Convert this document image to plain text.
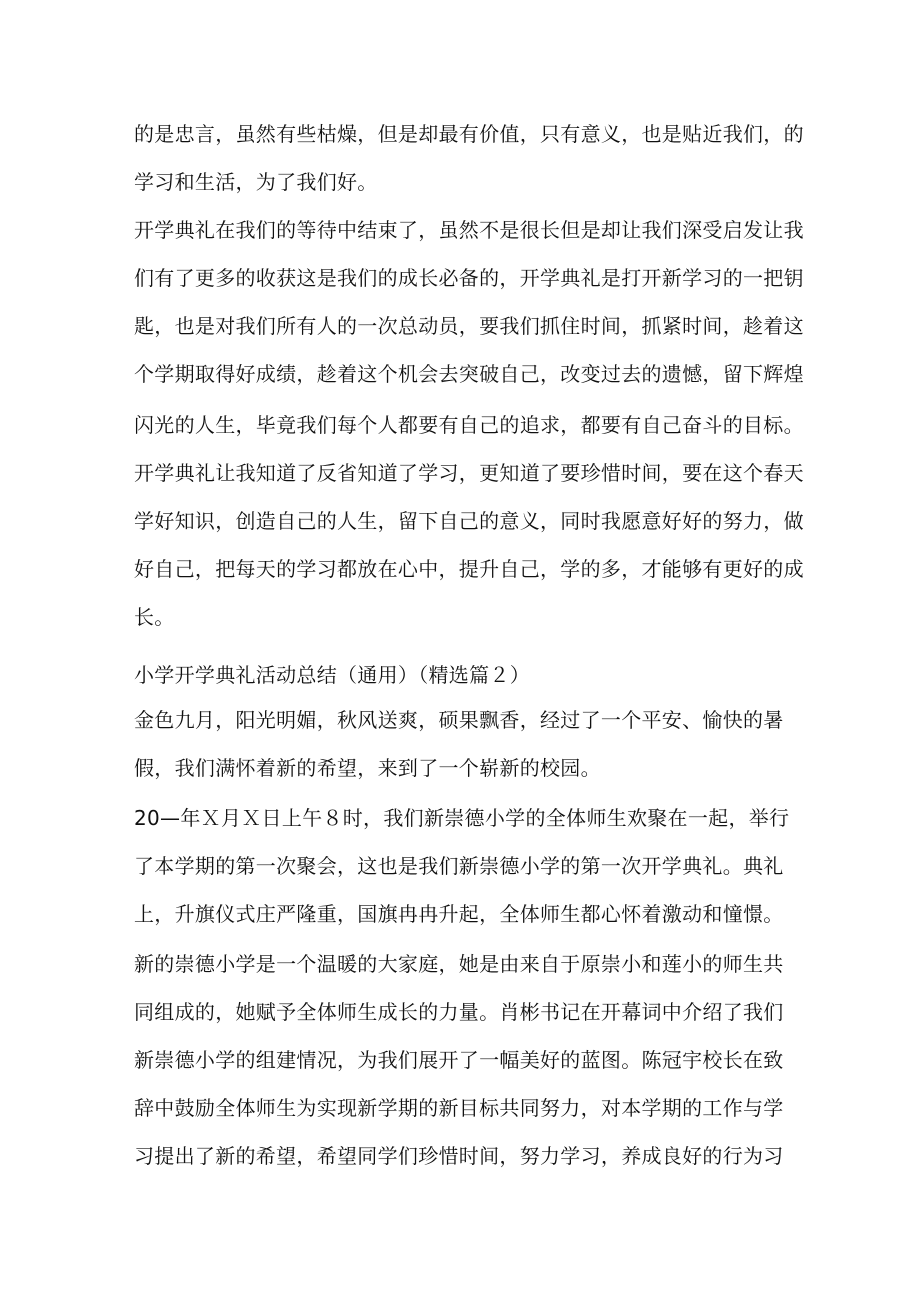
的是忠言，虽然有些枯燥，但是却最有价值，只有意义，也是贴近我们，的
学习和生活，为了我们好。
开学典礼在我们的等待中结束了，虽然不是很长但是却让我们深受启发让我
们有了更多的收获这是我们的成长必备的，开学典礼是打开新学习的一把钥
匙，也是对我们所有人的一次总动员，要我们抓住时间，抓紧时间，趁着这
个学期取得好成绩，趁着这个机会去突破自己，改变过去的遗憾，留下辉煌
闪光的人生，毕竟我们每个人都要有自己的追求，都要有自己奋斗的目标。
开学典礼让我知道了反省知道了学习，更知道了要珍惜时间，要在这个春天
学好知识，创造自己的人生，留下自己的意义，同时我愿意好好的努力，做
好自己，把每天的学习都放在心中，提升自己，学的多，才能够有更好的成
长。
小学开学典礼活动总结（通用）（精选篇２）
金色九月，阳光明媚，秋风送爽，硕果飘香，经过了一个平安、愉快的暑
假，我们满怀着新的希望，来到了一个崭新的校园。
20—年Ｘ月Ｘ日上午８时，我们新崇德小学的全体师生欢聚在一起，举行
了本学期的第一次聚会，这也是我们新崇德小学的第一次开学典礼。典礼
上，升旗仪式庄严隆重，国旗冉冉升起，全体师生都心怀着激动和憧憬。
新的崇德小学是一个温暖的大家庭，她是由来自于原崇小和莲小的师生共
同组成的，她赋予全体师生成长的力量。肖彬书记在开幕词中介绍了我们
新崇德小学的组建情况，为我们展开了一幅美好的蓝图。陈冠宇校长在致
辞中鼓励全体师生为实现新学期的新目标共同努力，对本学期的工作与学
习提出了新的希望，希望同学们珍惜时间，努力学习，养成良好的行为习
